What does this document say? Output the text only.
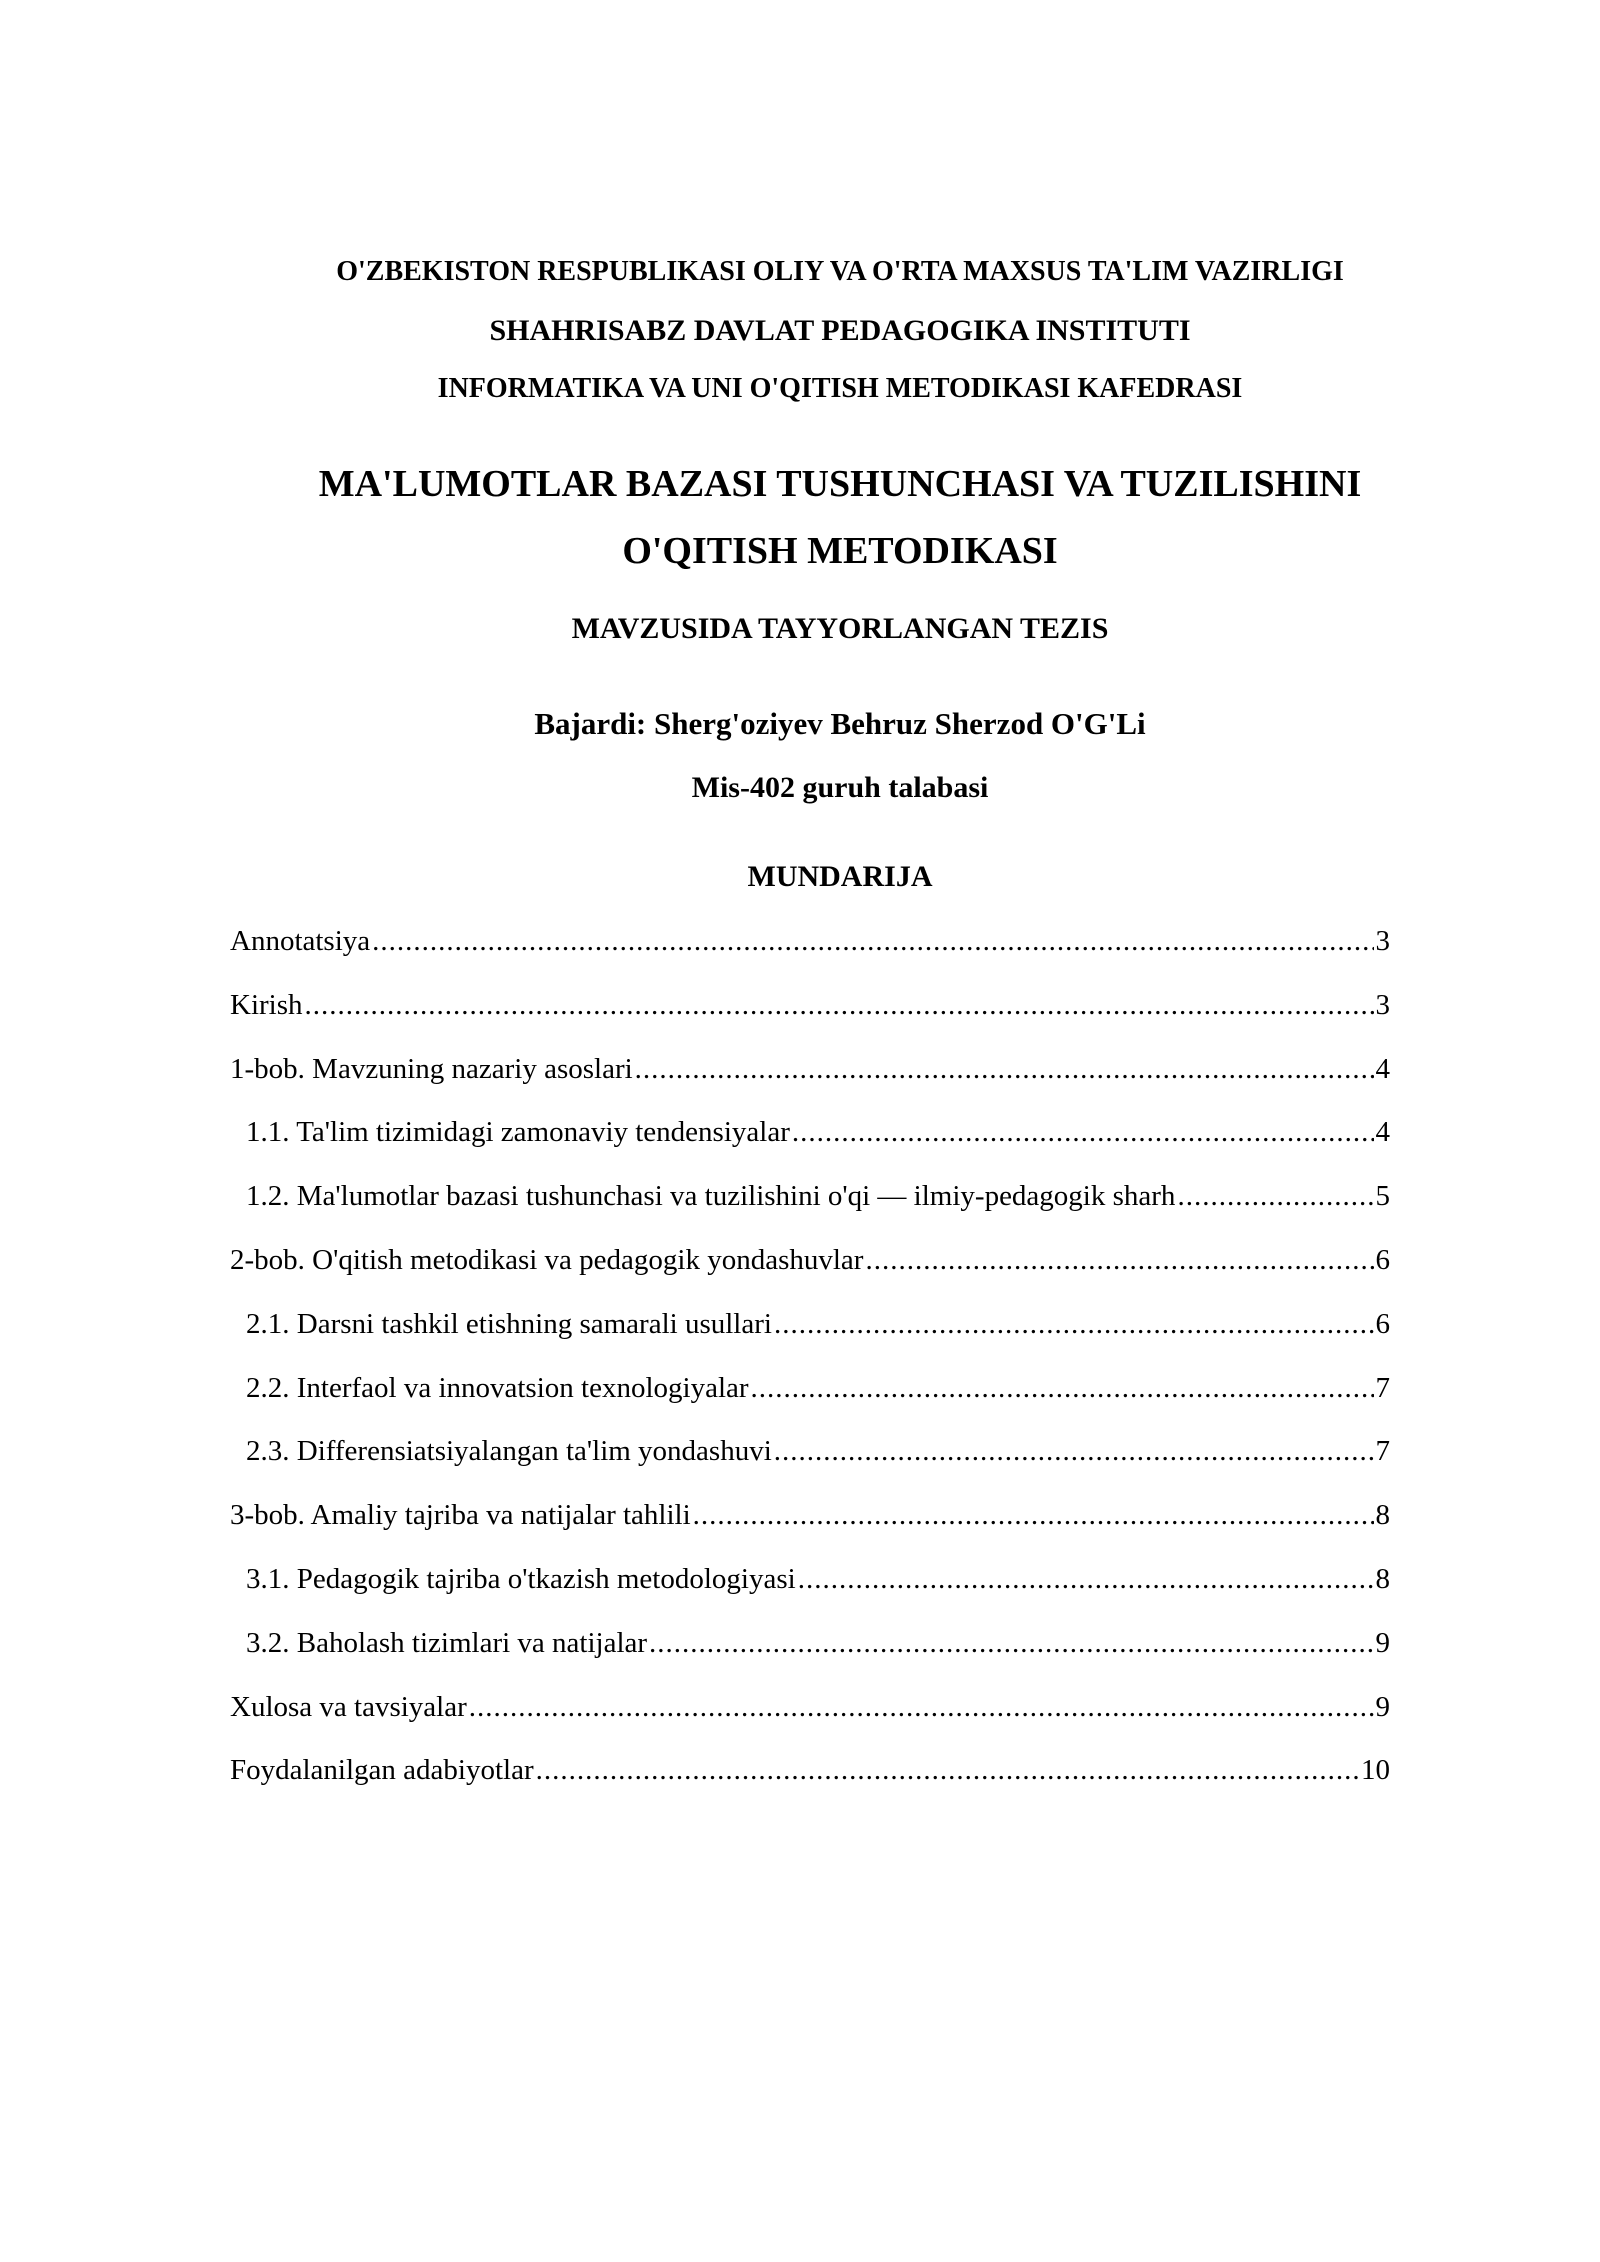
O'ZBEKISTON RESPUBLIKASI OLIY VA O'RTA MAXSUS TA'LIM VAZIRLIGI
SHAHRISABZ DAVLAT PEDAGOGIKA INSTITUTI
INFORMATIKA VA UNI O'QITISH METODIKASI KAFEDRASI
MA'LUMOTLAR BAZASI TUSHUNCHASI VA TUZILISHINI
O'QITISH METODIKASI
MAVZUSIDA TAYYORLANGAN TEZIS
Bajardi: Sherg'oziyev Behruz Sherzod O'G'Li
Mis-402 guruh talabasi
MUNDARIJA
Annotatsiya .....	3
Kirish .....	3
1-bob. Mavzuning nazariy asoslari .....	4
1.1. Ta'lim tizimidagi zamonaviy tendensiyalar .....	4
1.2. Ma'lumotlar bazasi tushunchasi va tuzilishini o'qi — ilmiy-pedagogik sharh .....	5
2-bob. O'qitish metodikasi va pedagogik yondashuvlar .....	6
2.1. Darsni tashkil etishning samarali usullari .....	6
2.2. Interfaol va innovatsion texnologiyalar .....	7
2.3. Differensiatsiyalangan ta'lim yondashuvi .....	7
3-bob. Amaliy tajriba va natijalar tahlili .....	8
3.1. Pedagogik tajriba o'tkazish metodologiyasi .....	8
3.2. Baholash tizimlari va natijalar .....	9
Xulosa va tavsiyalar .....	9
Foydalanilgan adabiyotlar .....	10
